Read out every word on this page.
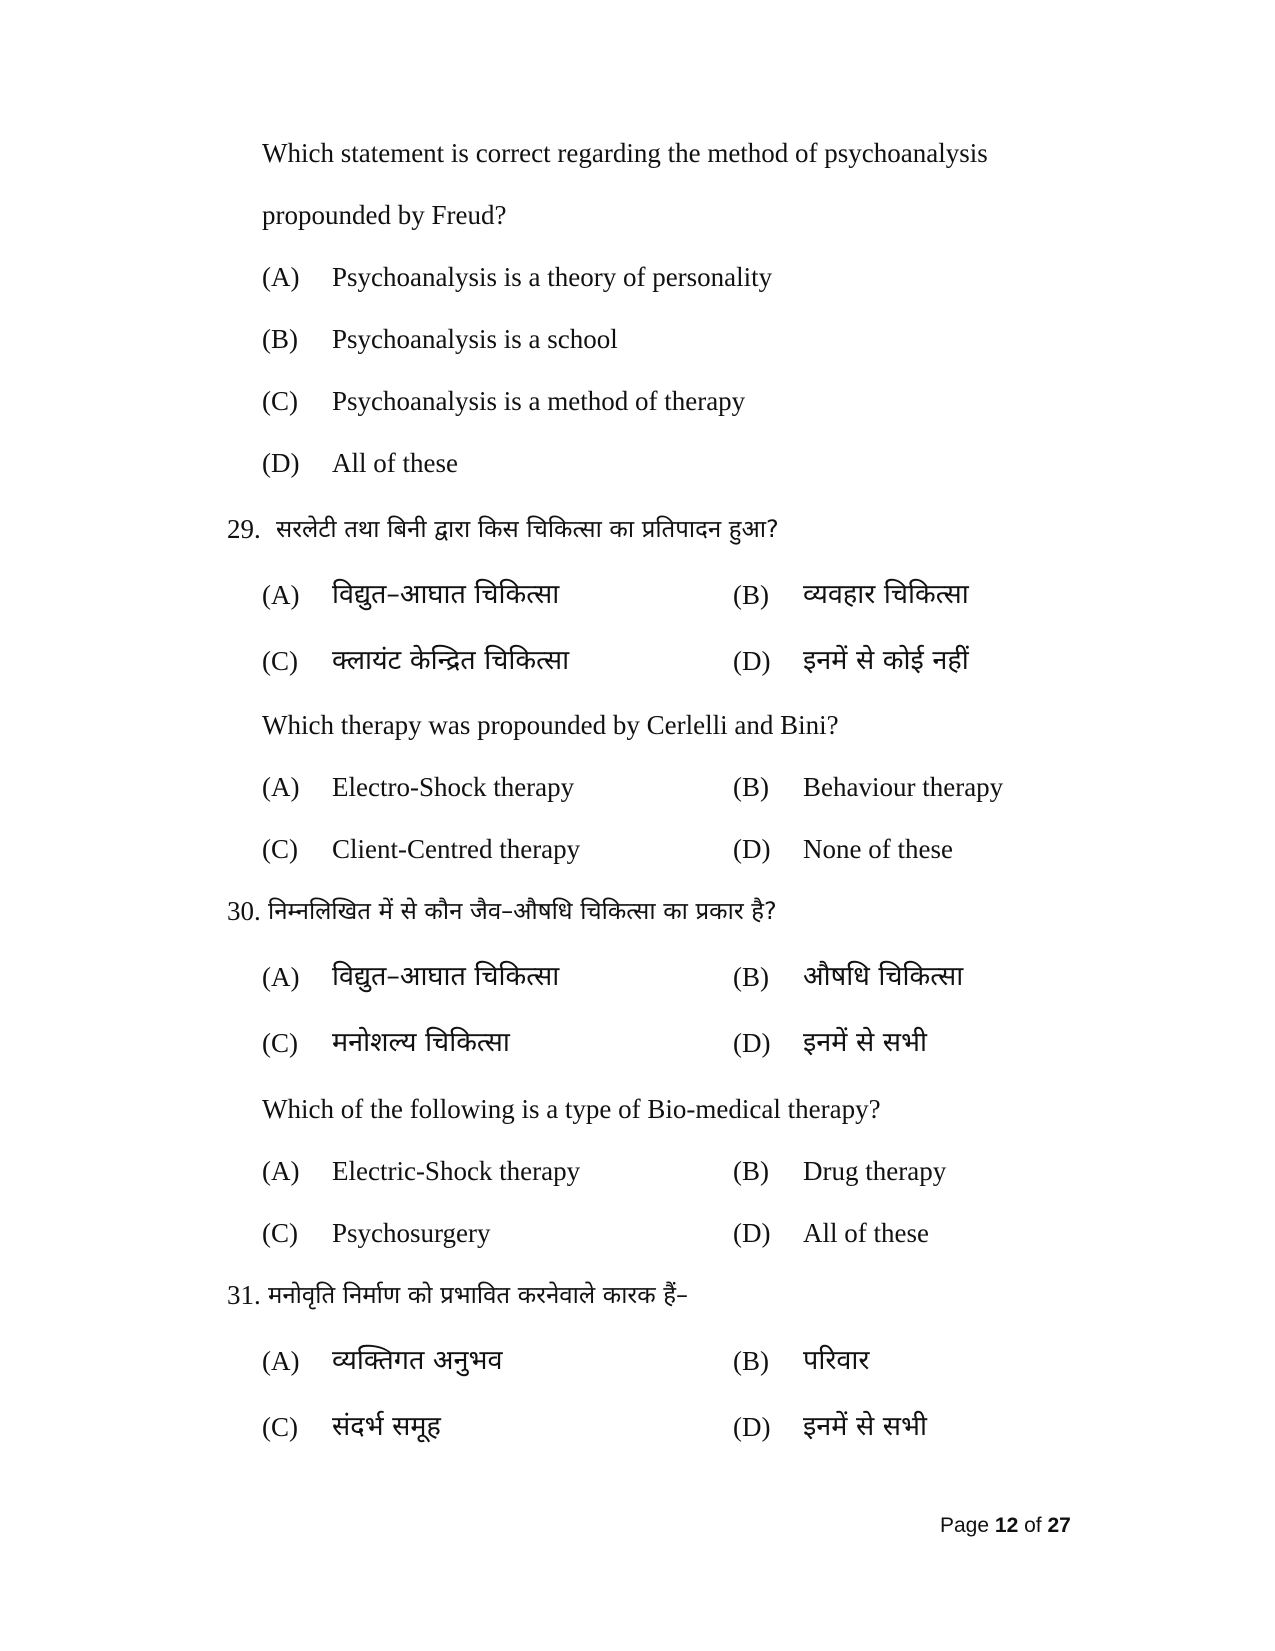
Which statement is correct regarding the method of psychoanalysis
propounded by Freud?
(A) Psychoanalysis is a theory of personality
(B) Psychoanalysis is a school
(C) Psychoanalysis is a method of therapy
(D) All of these
29. सरलेटी तथा बिनी द्वारा किस चिकित्सा का प्रतिपादन हुआ?
(A) विद्युत–आघात चिकित्सा	(B) व्यवहार चिकित्सा
(C) क्लायंट केन्द्रित चिकित्सा	(D) इनमें से कोई नहीं
Which therapy was propounded by Cerlelli and Bini?
(A) Electro-Shock therapy	(B) Behaviour therapy
(C) Client-Centred therapy	(D) None of these
30. निम्नलिखित में से कौन जैव–औषधि चिकित्सा का प्रकार है?
(A) विद्युत–आघात चिकित्सा	(B) औषधि चिकित्सा
(C) मनोशल्य चिकित्सा	(D) इनमें से सभी
Which of the following is a type of Bio-medical therapy?
(A) Electric-Shock therapy	(B) Drug therapy
(C) Psychosurgery	(D) All of these
31. मनोवृति निर्माण को प्रभावित करनेवाले कारक हैं–
(A) व्यक्तिगत अनुभव	(B) परिवार
(C) संदर्भ समूह	(D) इनमें से सभी
Page 12 of 27
